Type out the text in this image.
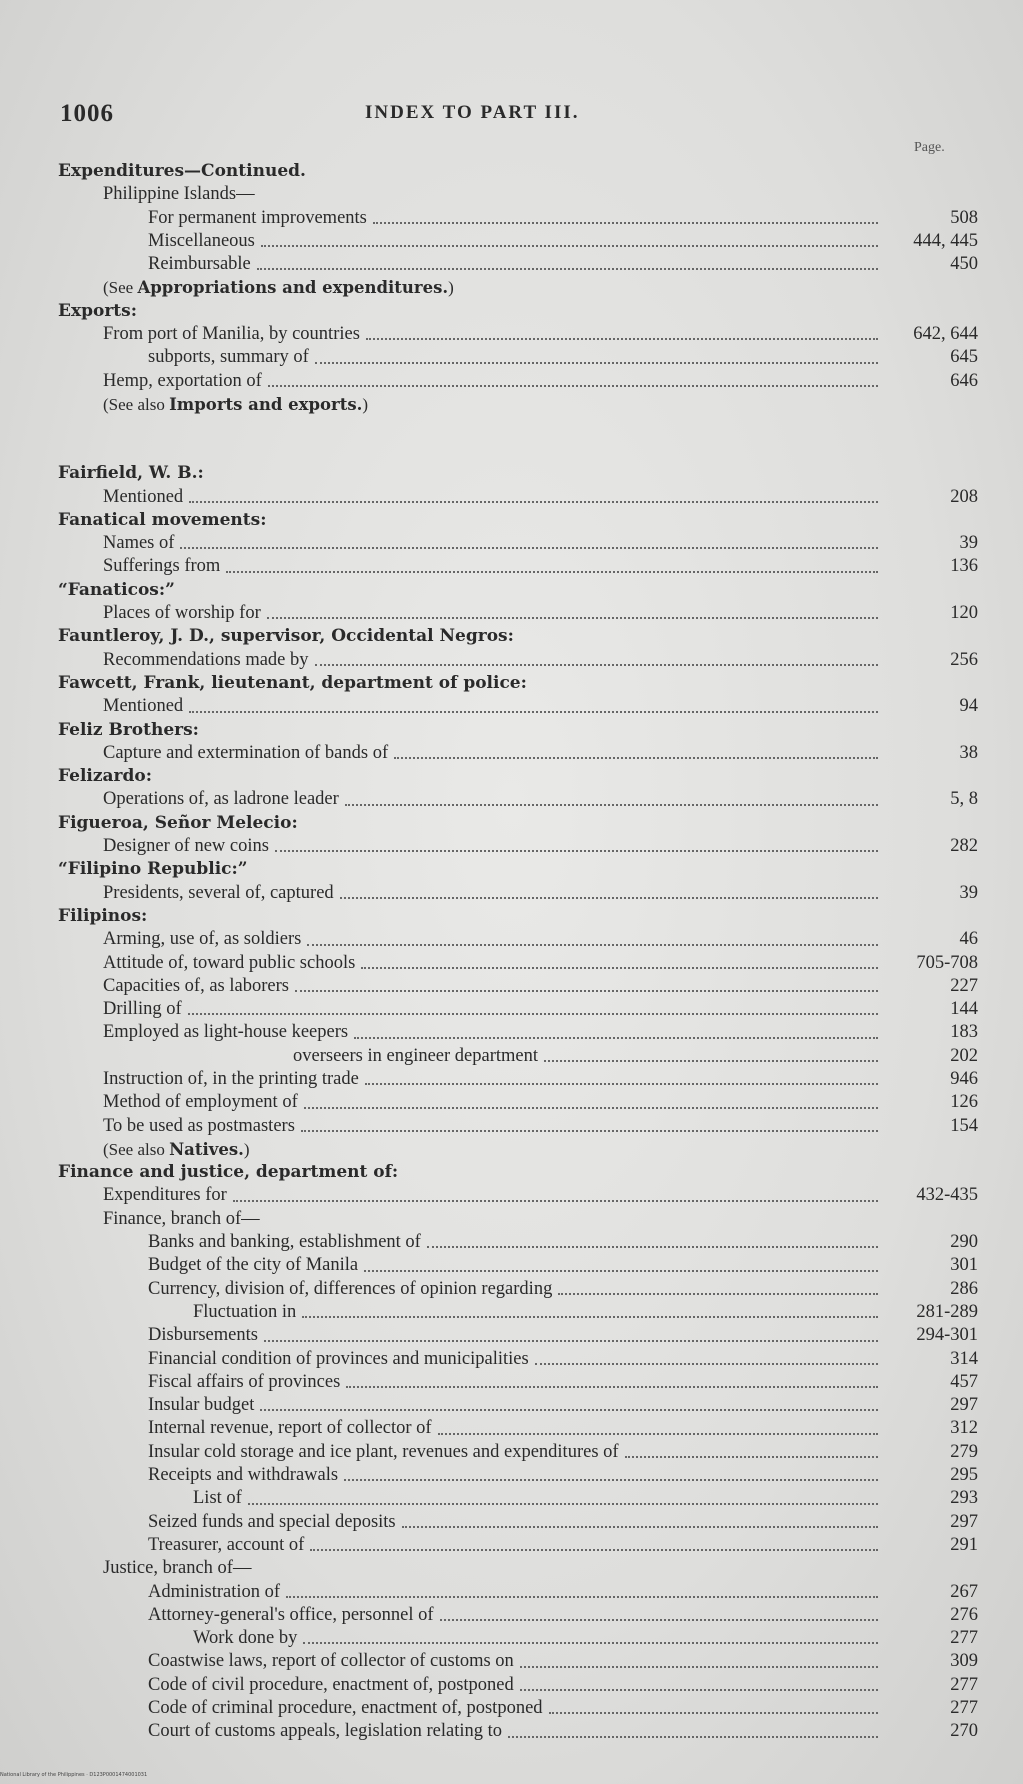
1006	INDEX TO PART III.
Page.
Expenditures—Continued.
Philippine Islands—
For permanent improvements	508
Miscellaneous	444, 445
Reimbursable	450
(See Appropriations and expenditures.)
Exports:
From port of Manilia, by countries	642, 644
subports, summary of	645
Hemp, exportation of	646
(See also Imports and exports.)
Fairfield, W. B.:
Mentioned	208
Fanatical movements:
Names of	39
Sufferings from	136
“Fanaticos:”
Places of worship for	120
Fauntleroy, J. D., supervisor, Occidental Negros:
Recommendations made by	256
Fawcett, Frank, lieutenant, department of police:
Mentioned	94
Feliz Brothers:
Capture and extermination of bands of	38
Felizardo:
Operations of, as ladrone leader	5, 8
Figueroa, Señor Melecio:
Designer of new coins	282
“Filipino Republic:”
Presidents, several of, captured	39
Filipinos:
Arming, use of, as soldiers	46
Attitude of, toward public schools	705-708
Capacities of, as laborers	227
Drilling of	144
Employed as light-house keepers	183
overseers in engineer department	202
Instruction of, in the printing trade	946
Method of employment of	126
To be used as postmasters	154
(See also Natives.)
Finance and justice, department of:
Expenditures for	432-435
Finance, branch of—
Banks and banking, establishment of	290
Budget of the city of Manila	301
Currency, division of, differences of opinion regarding	286
Fluctuation in	281-289
Disbursements	294-301
Financial condition of provinces and municipalities	314
Fiscal affairs of provinces	457
Insular budget	297
Internal revenue, report of collector of	312
Insular cold storage and ice plant, revenues and expenditures of	279
Receipts and withdrawals	295
List of	293
Seized funds and special deposits	297
Treasurer, account of	291
Justice, branch of—
Administration of	267
Attorney-general's office, personnel of	276
Work done by	277
Coastwise laws, report of collector of customs on	309
Code of civil procedure, enactment of, postponed	277
Code of criminal procedure, enactment of, postponed	277
Court of customs appeals, legislation relating to	270
National Library of the Philippines · D123P0001474001031
